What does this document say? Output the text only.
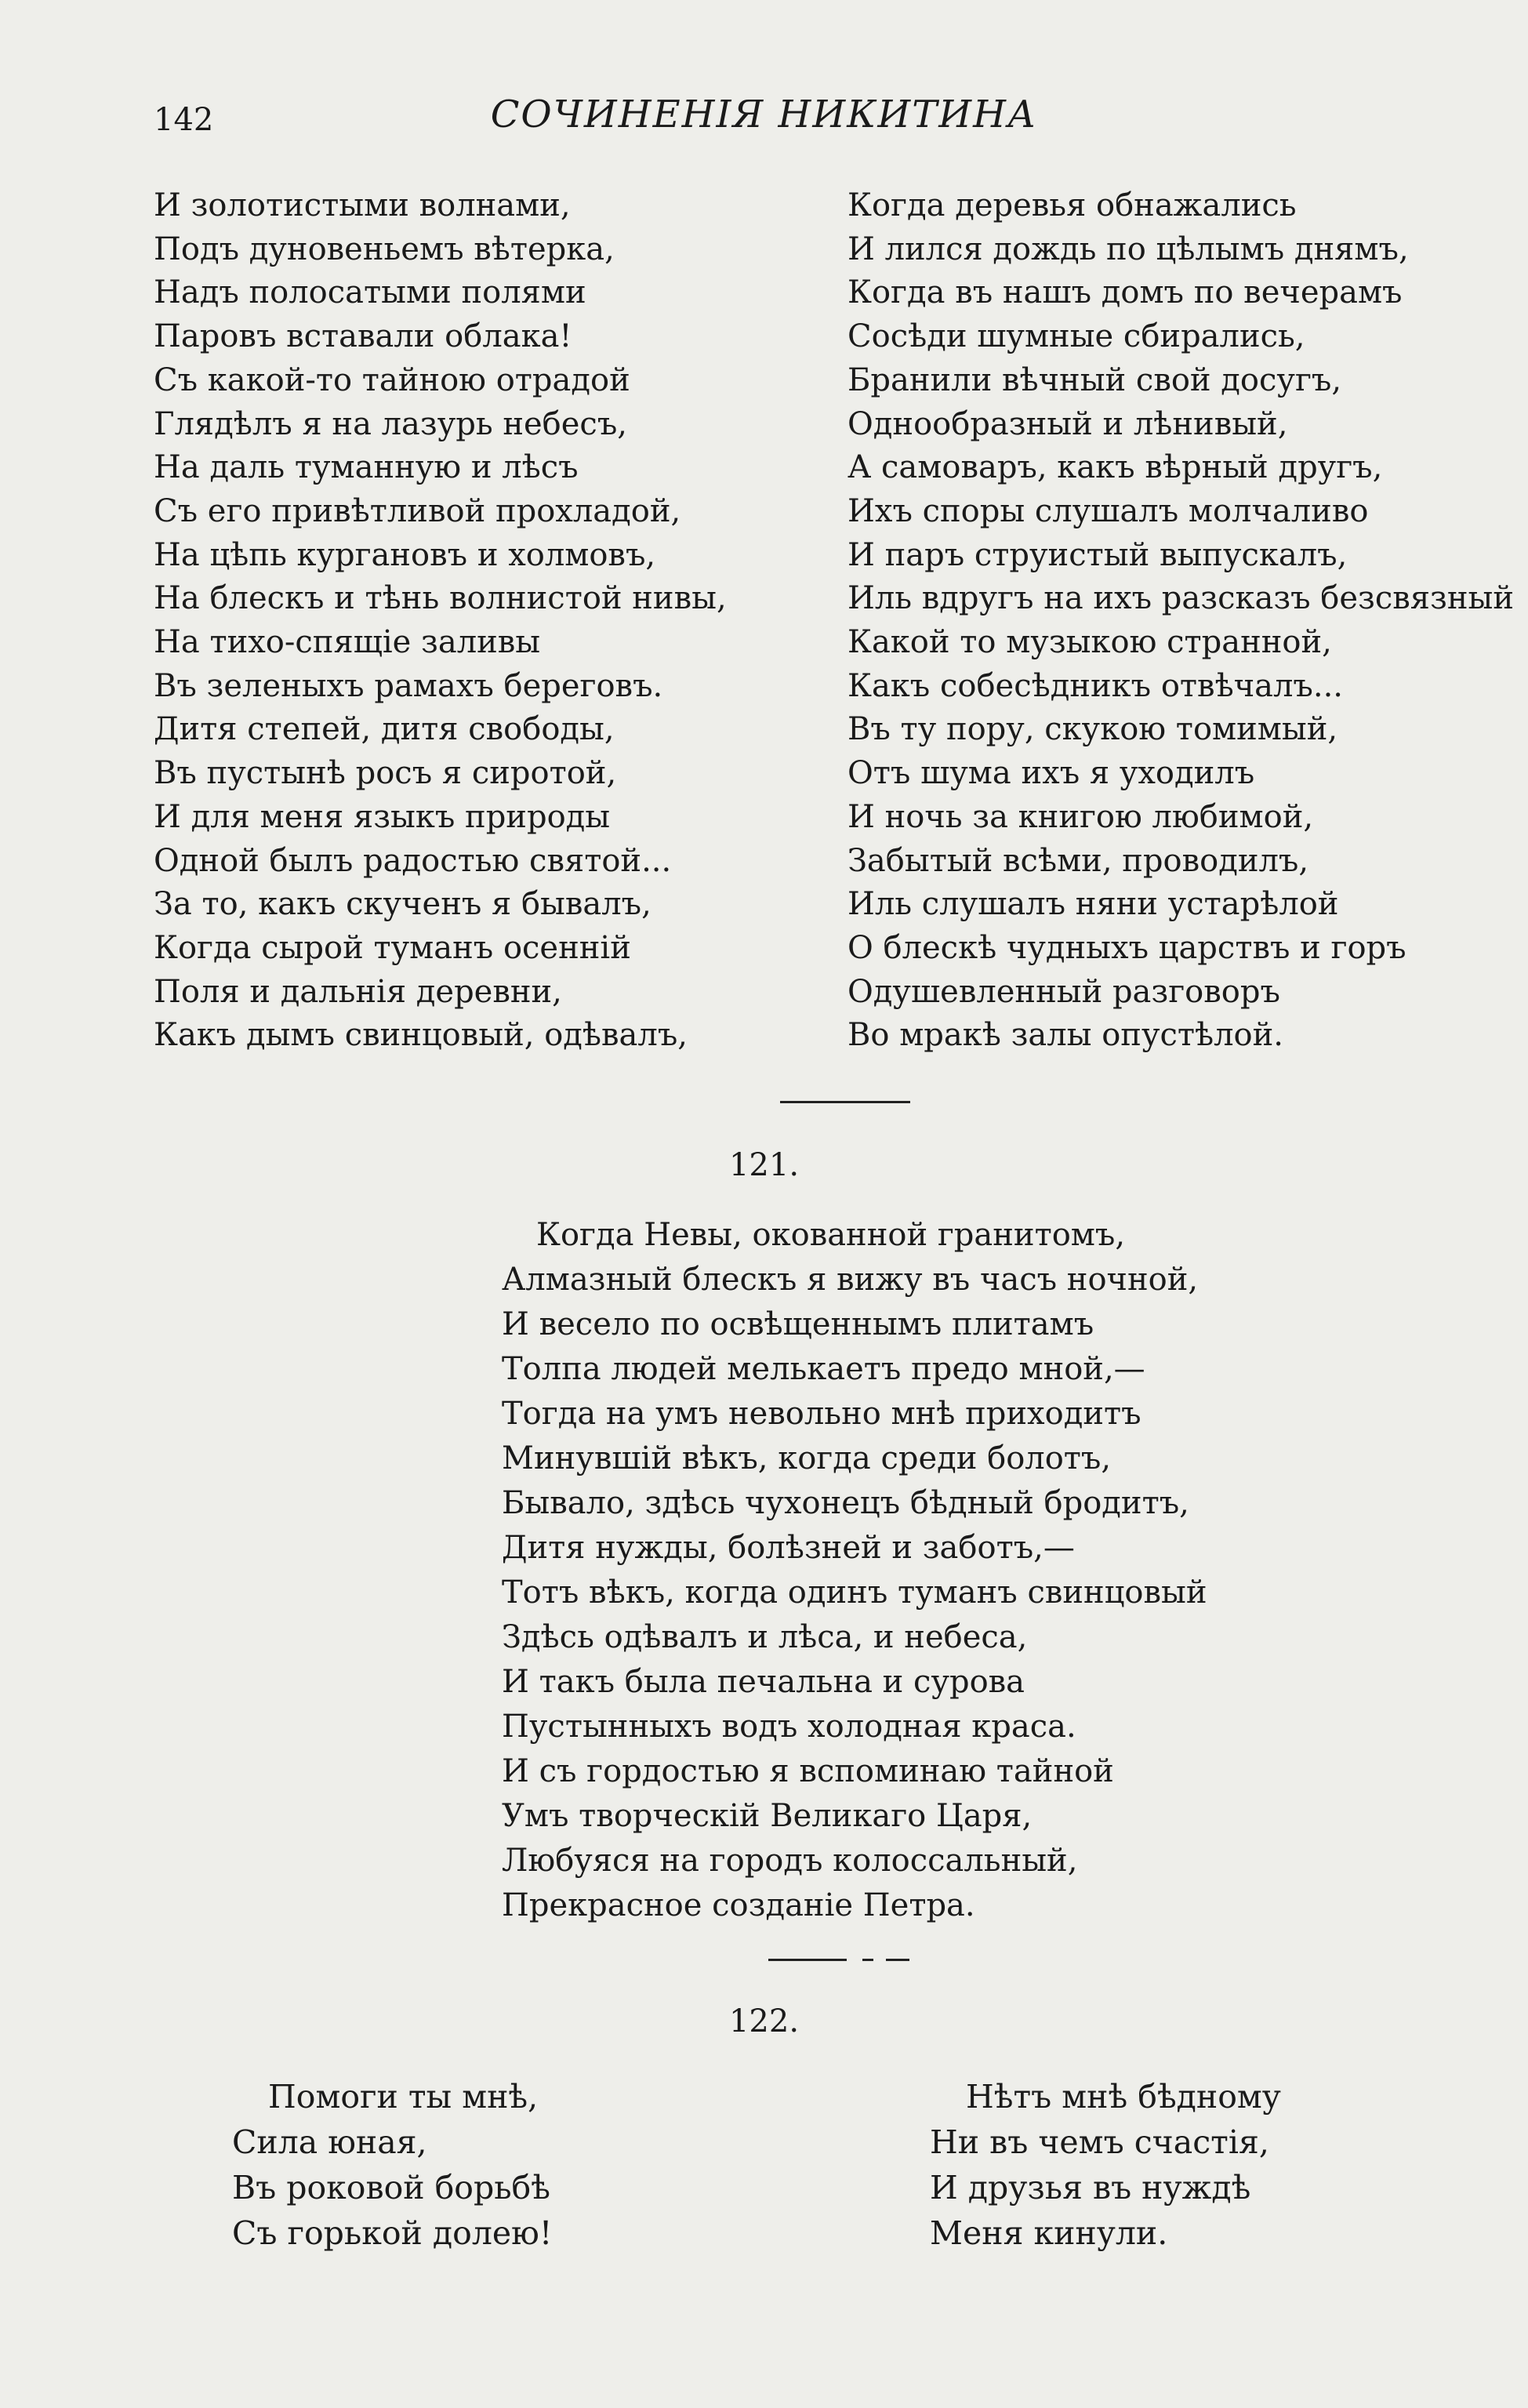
142	СОЧИНЕНІЯ НИКИТИНА
И золотистыми волнами,
Подъ дуновеньемъ вѣтерка,
Надъ полосатыми полями
Паровъ вставали облака!
Съ какой-то тайною отрадой
Глядѣлъ я на лазурь небесъ,
На даль туманную и лѣсъ
Съ его привѣтливой прохладой,
На цѣпь кургановъ и холмовъ,
На блескъ и тѣнь волнистой нивы,
На тихо-спящіе заливы
Въ зеленыхъ рамахъ береговъ.
Дитя степей, дитя свободы,
Въ пустынѣ росъ я сиротой,
И для меня языкъ природы
Одной былъ радостью святой...
За то, какъ скученъ я бывалъ,
Когда сырой туманъ осенній
Поля и дальнія деревни,
Какъ дымъ свинцовый, одѣвалъ,
Когда деревья обнажались
И лился дождь по цѣлымъ днямъ,
Когда въ нашъ домъ по вечерамъ
Сосѣди шумные сбирались,
Бранили вѣчный свой досугъ,
Однообразный и лѣнивый,
А самоваръ, какъ вѣрный другъ,
Ихъ споры слушалъ молчаливо
И паръ струистый выпускалъ,
Иль вдругъ на ихъ разсказъ безсвязный
Какой то музыкою странной,
Какъ собесѣдникъ отвѣчалъ...
Въ ту пору, скукою томимый,
Отъ шума ихъ я уходилъ
И ночь за книгою любимой,
Забытый всѣми, проводилъ,
Иль слушалъ няни устарѣлой
О блескѣ чудныхъ царствъ и горъ
Одушевленный разговоръ
Во мракѣ залы опустѣлой.
121.
Когда Невы, окованной гранитомъ,
Алмазный блескъ я вижу въ часъ ночной,
И весело по освѣщеннымъ плитамъ
Толпа людей мелькаетъ предо мной,—
Тогда на умъ невольно мнѣ приходитъ
Минувшій вѣкъ, когда среди болотъ,
Бывало, здѣсь чухонецъ бѣдный бродитъ,
Дитя нужды, болѣзней и заботъ,—
Тотъ вѣкъ, когда одинъ туманъ свинцовый
Здѣсь одѣвалъ и лѣса, и небеса,
И такъ была печальна и сурова
Пустынныхъ водъ холодная краса.
И съ гордостью я вспоминаю тайной
Умъ творческій Великаго Царя,
Любуяся на городъ колоссальный,
Прекрасное созданіе Петра.
122.
Помоги ты мнѣ,
Сила юная,
Въ роковой борьбѣ
Съ горькой долею!
Нѣтъ мнѣ бѣдному
Ни въ чемъ счастія,
И друзья въ нуждѣ
Меня кинули.
